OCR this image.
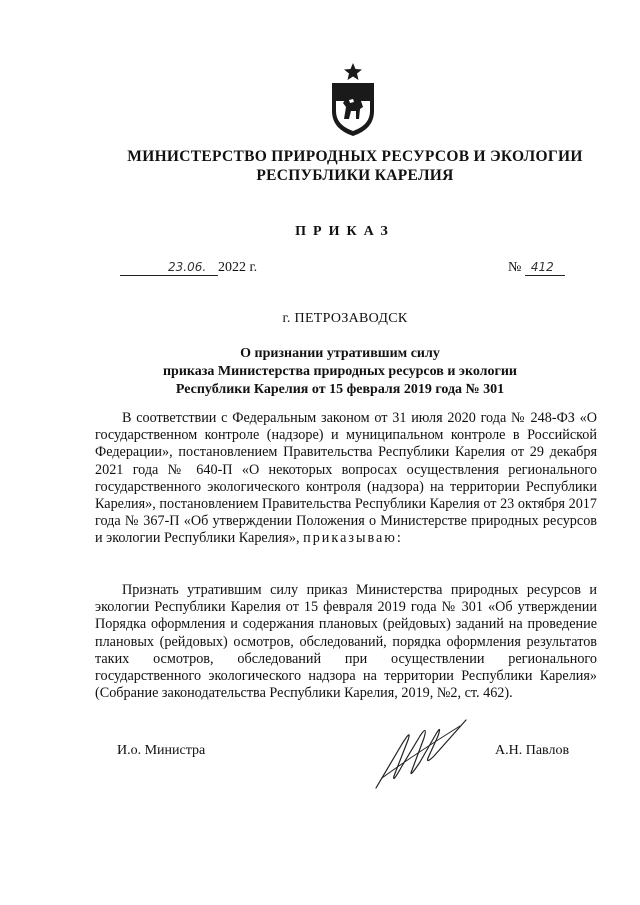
МИНИСТЕРСТВО ПРИРОДНЫХ РЕСУРСОВ И ЭКОЛОГИИ
РЕСПУБЛИКИ КАРЕЛИЯ
ПРИКАЗ
23.06. 2022 г.	№ 412
г. ПЕТРОЗАВОДСК
О признании утратившим силу
приказа Министерства природных ресурсов и экологии
Республики Карелия от 15 февраля 2019 года № 301

В соответствии с Федеральным законом от 31 июля 2020 года № 248-ФЗ «О государственном контроле (надзоре) и муниципальном контроле в Российской Федерации», постановлением Правительства Республики Карелия от 29 декабря 2021 года № 640-П «О некоторых вопросах осуществления регионального государственного экологического контроля (надзора) на территории Республики Карелия», постановлением Правительства Республики Карелия от 23 октября 2017 года № 367-П «Об утверждении Положения о Министерстве природных ресурсов и экологии Республики Карелия», приказываю:

Признать утратившим силу приказ Министерства природных ресурсов и экологии Республики Карелия от 15 февраля 2019 года № 301 «Об утверждении Порядка оформления и содержания плановых (рейдовых) заданий на проведение плановых (рейдовых) осмотров, обследований, порядка оформления результатов таких осмотров, обследований при осуществлении регионального государственного экологического надзора на территории Республики Карелия» (Собрание законодательства Республики Карелия, 2019, №2, ст. 462).

И.о. Министра	А.Н. Павлов
